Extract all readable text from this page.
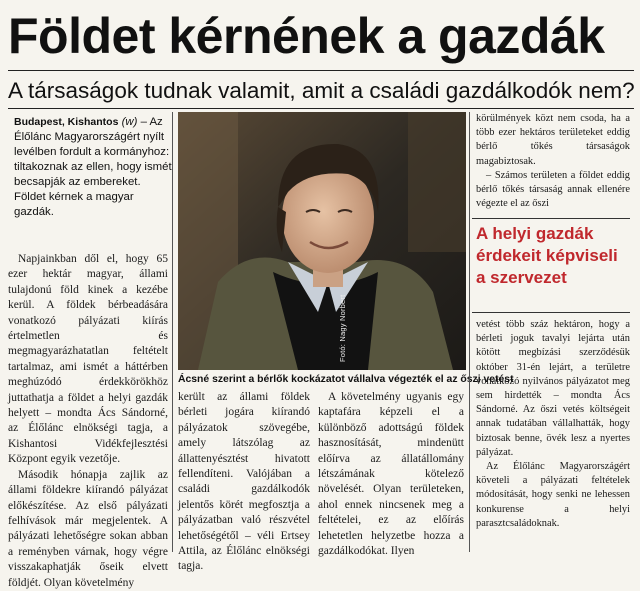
Földet kérnének a gazdák
A társaságok tudnak valamit, amit a családi gazdálkodók nem?
Budapest, Kishantos (w) – Az Élőlánc Magyarországért nyílt levélben fordult a kormányhoz: tiltakoznak az ellen, hogy ismét becsapják az embereket. Földet kérnek a magyar gazdák.

Napjainkban dől el, hogy 65 ezer hektár magyar, állami tulajdonú föld kinek a kezébe kerül. A földek bérbeadására vonatkozó pályázati kiírás értelmetlen és megmagyarázhatatlan feltételt tartalmaz, ami ismét a háttérben meghúzódó érdekkörökhöz juttathatja a földet a helyi gazdák helyett – mondta Ács Sándorné, az Élőlánc elnökségi tagja, a Kishantosi Vidékfejlesztési Központ egyik vezetője.

Második hónapja zajlik az állami földekre kiírandó pályázat előkészítése. Az első pályázati felhívások már megjelentek. A pályázati lehetőségre sokan abban a reményben várnak, hogy végre visszakaphatják őseik elvett földjét. Olyan követelmény

Fotó: Nagy Norbert
Ácsné szerint a bérlők kockázatot vállalva végezték el az őszi vetést

került az állami földek bérleti jogára kiírandó pályázatok szövegébe, amely látszólag az állattenyésztést hivatott fellendíteni. Valójában a családi gazdálkodók jelentős körét megfosztja a pályázatban való részvétel lehetőségétől – véli Ertsey Attila, az Élőlánc elnökségi tagja.

A követelmény ugyanis egy kaptafára képzeli el a különböző adottságú földek hasznosítását, mindenütt előírva az állatállomány létszámának kötelező növelését. Olyan területeken, ahol ennek nincsenek meg a feltételei, ez az előírás lehetetlen helyzetbe hozza a gazdálkodókat. Ilyen

körülmények közt nem csoda, ha a több ezer hektáros területeket eddig bérlő tőkés társaságok magabiztosak.

– Számos területen a földet eddig bérlő tőkés társaság annak ellenére végezte el az őszi

A helyi gazdák érdekeit képviseli a szervezet

vetést több száz hektáron, hogy a bérleti joguk tavalyi lejárta után kötött megbízási szerződésük október 31-én lejárt, a területre vonatkozó nyilvános pályázatot meg sem hirdették – mondta Ács Sándorné. Az őszi vetés költségeit annak tudatában vállalhatták, hogy biztosak benne, övék lesz a nyertes pályázat.

Az Élőlánc Magyarországért követeli a pályázati feltételek módosítását, hogy senki ne lehessen konkurense a helyi parasztcsaládoknak.
